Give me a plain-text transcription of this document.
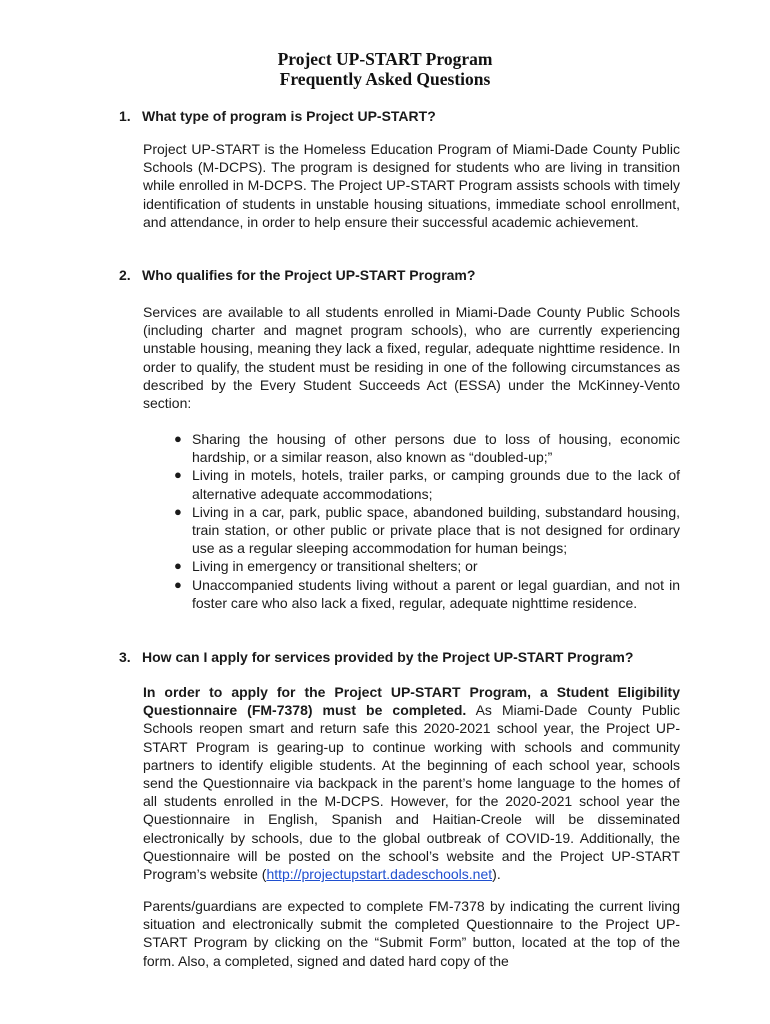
Project UP-START Program
Frequently Asked Questions
1. What type of program is Project UP-START?
Project UP-START is the Homeless Education Program of Miami-Dade County Public Schools (M-DCPS). The program is designed for students who are living in transition while enrolled in M-DCPS. The Project UP-START Program assists schools with timely identification of students in unstable housing situations, immediate school enrollment, and attendance, in order to help ensure their successful academic achievement.
2. Who qualifies for the Project UP-START Program?
Services are available to all students enrolled in Miami-Dade County Public Schools (including charter and magnet program schools), who are currently experiencing unstable housing, meaning they lack a fixed, regular, adequate nighttime residence. In order to qualify, the student must be residing in one of the following circumstances as described by the Every Student Succeeds Act (ESSA) under the McKinney-Vento section:
● Sharing the housing of other persons due to loss of housing, economic hardship, or a similar reason, also known as “doubled-up;”
● Living in motels, hotels, trailer parks, or camping grounds due to the lack of alternative adequate accommodations;
● Living in a car, park, public space, abandoned building, substandard housing, train station, or other public or private place that is not designed for ordinary use as a regular sleeping accommodation for human beings;
● Living in emergency or transitional shelters; or
● Unaccompanied students living without a parent or legal guardian, and not in foster care who also lack a fixed, regular, adequate nighttime residence.
3. How can I apply for services provided by the Project UP-START Program?
In order to apply for the Project UP-START Program, a Student Eligibility Questionnaire (FM-7378) must be completed. As Miami-Dade County Public Schools reopen smart and return safe this 2020-2021 school year, the Project UP-START Program is gearing-up to continue working with schools and community partners to identify eligible students. At the beginning of each school year, schools send the Questionnaire via backpack in the parent’s home language to the homes of all students enrolled in the M-DCPS. However, for the 2020-2021 school year the Questionnaire in English, Spanish and Haitian-Creole will be disseminated electronically by schools, due to the global outbreak of COVID-19. Additionally, the Questionnaire will be posted on the school’s website and the Project UP-START Program’s website (http://projectupstart.dadeschools.net).
Parents/guardians are expected to complete FM-7378 by indicating the current living situation and electronically submit the completed Questionnaire to the Project UP-START Program by clicking on the “Submit Form” button, located at the top of the form. Also, a completed, signed and dated hard copy of the
